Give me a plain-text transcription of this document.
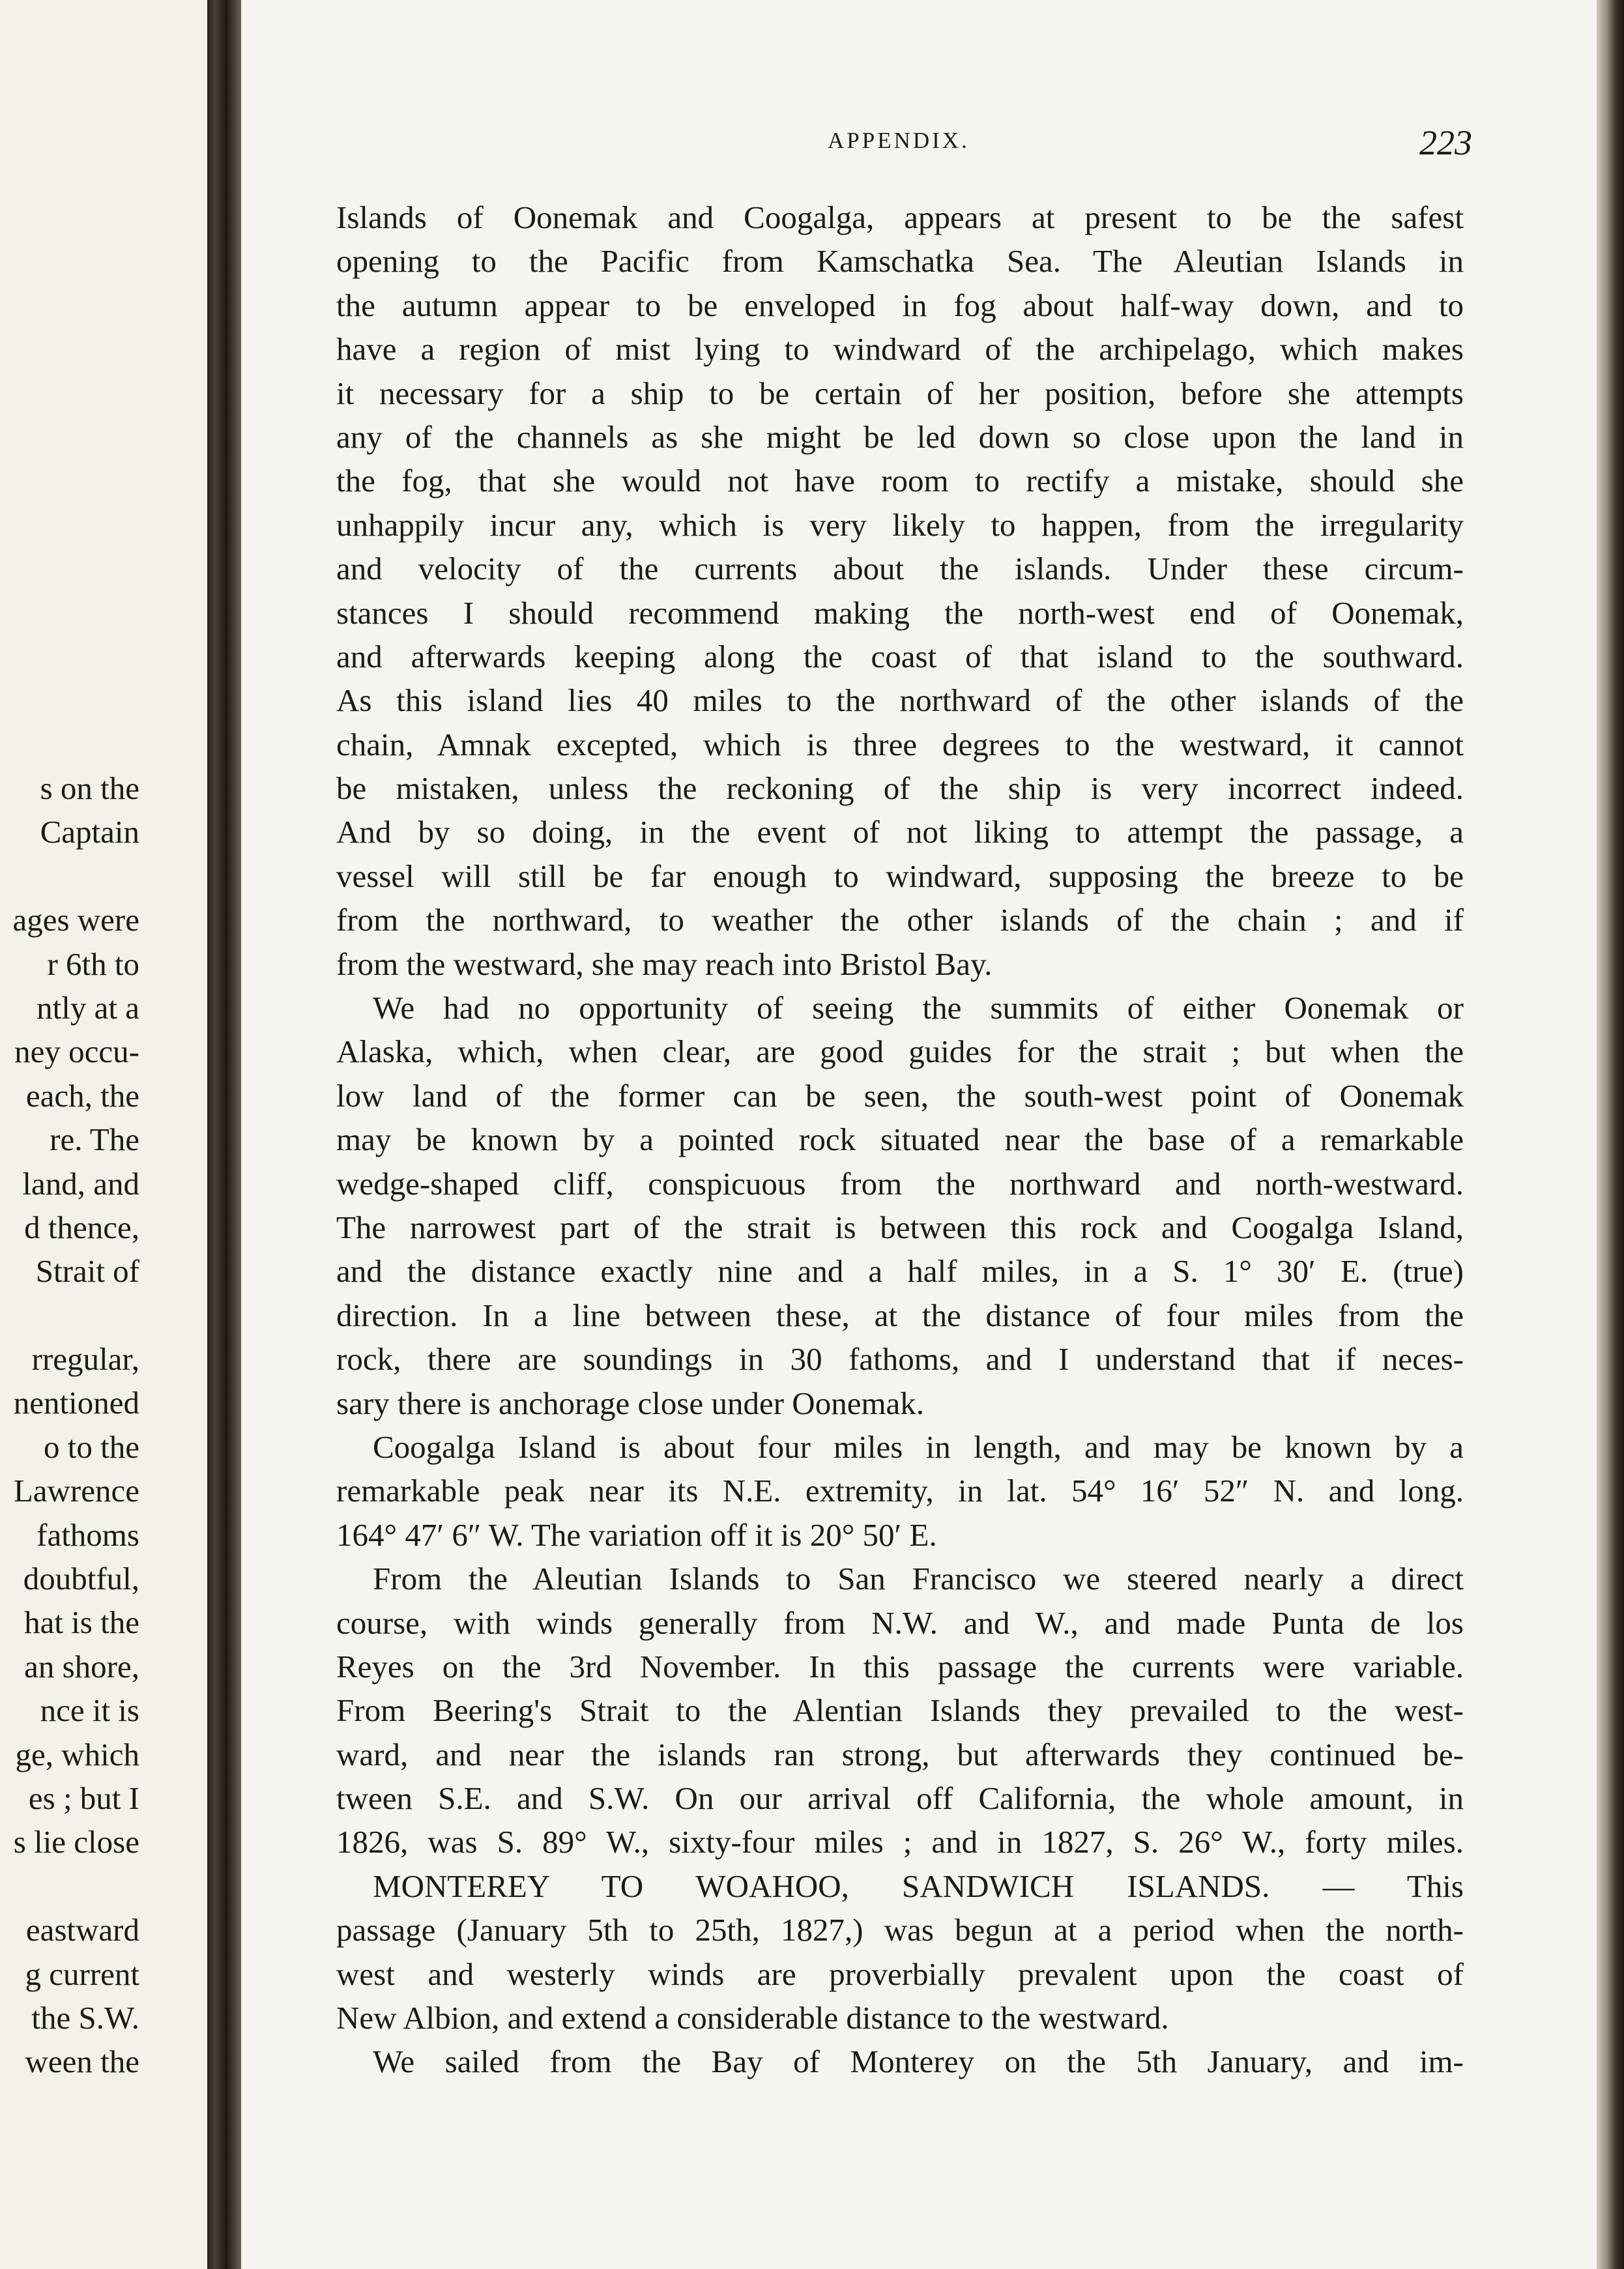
s on the
Captain
ages were
r 6th to
ntly at a
ney occu-
each, the
re. The
land, and
d thence,
Strait of
rregular,
nentioned
o to the
Lawrence
fathoms
doubtful,
hat is the
an shore,
nce it is
ge, which
es ; but I
s lie close
eastward
g current
the S.W.
ween the
APPENDIX.	223
Islands of Oonemak and Coogalga, appears at present to be the safest
opening to the Pacific from Kamschatka Sea. The Aleutian Islands in
the autumn appear to be enveloped in fog about half-way down, and to
have a region of mist lying to windward of the archipelago, which makes
it necessary for a ship to be certain of her position, before she attempts
any of the channels as she might be led down so close upon the land in
the fog, that she would not have room to rectify a mistake, should she
unhappily incur any, which is very likely to happen, from the irregularity
and velocity of the currents about the islands. Under these circum-
stances I should recommend making the north-west end of Oonemak,
and afterwards keeping along the coast of that island to the southward.
As this island lies 40 miles to the northward of the other islands of the
chain, Amnak excepted, which is three degrees to the westward, it cannot
be mistaken, unless the reckoning of the ship is very incorrect indeed.
And by so doing, in the event of not liking to attempt the passage, a
vessel will still be far enough to windward, supposing the breeze to be
from the northward, to weather the other islands of the chain ; and if
from the westward, she may reach into Bristol Bay.
We had no opportunity of seeing the summits of either Oonemak or
Alaska, which, when clear, are good guides for the strait ; but when the
low land of the former can be seen, the south-west point of Oonemak
may be known by a pointed rock situated near the base of a remarkable
wedge-shaped cliff, conspicuous from the northward and north-westward.
The narrowest part of the strait is between this rock and Coogalga Island,
and the distance exactly nine and a half miles, in a S. 1° 30′ E. (true)
direction. In a line between these, at the distance of four miles from the
rock, there are soundings in 30 fathoms, and I understand that if neces-
sary there is anchorage close under Oonemak.
Coogalga Island is about four miles in length, and may be known by a
remarkable peak near its N.E. extremity, in lat. 54° 16′ 52″ N. and long.
164° 47′ 6″ W. The variation off it is 20° 50′ E.
From the Aleutian Islands to San Francisco we steered nearly a direct
course, with winds generally from N.W. and W., and made Punta de los
Reyes on the 3rd November. In this passage the currents were variable.
From Beering's Strait to the Alentian Islands they prevailed to the west-
ward, and near the islands ran strong, but afterwards they continued be-
tween S.E. and S.W. On our arrival off California, the whole amount, in
1826, was S. 89° W., sixty-four miles ; and in 1827, S. 26° W., forty miles.
MONTEREY TO WOAHOO, SANDWICH ISLANDS. — This
passage (January 5th to 25th, 1827,) was begun at a period when the north-
west and westerly winds are proverbially prevalent upon the coast of
New Albion, and extend a considerable distance to the westward.
We sailed from the Bay of Monterey on the 5th January, and im-
